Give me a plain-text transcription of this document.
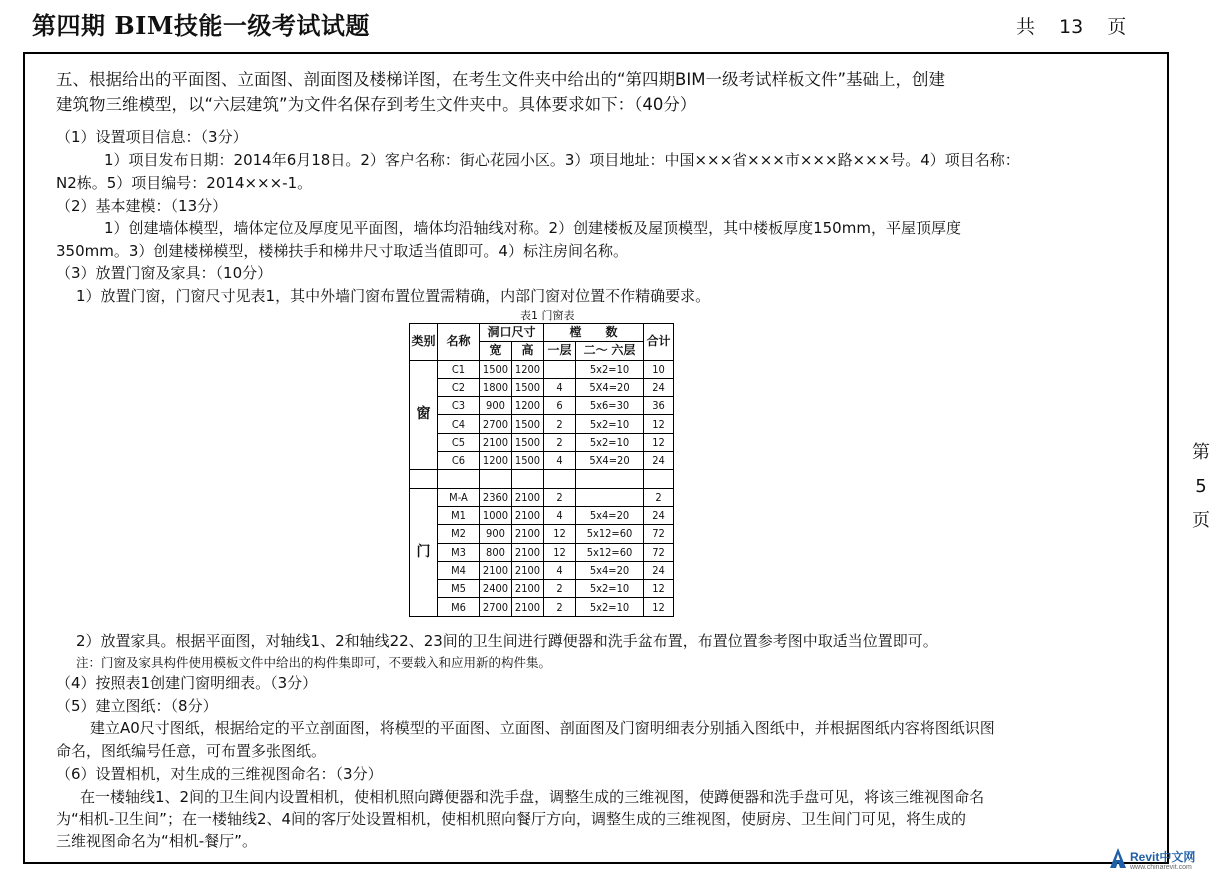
第四期 BIM技能一级考试试题	共 13 页
第
5
页
五、根据给出的平面图、立面图、剖面图及楼梯详图，在考生文件夹中给出的“第四期BIM一级考试样板文件”基础上，创建
建筑物三维模型，以“六层建筑”为文件名保存到考生文件夹中。具体要求如下：（40分）
（1）设置项目信息：（3分）
1）项目发布日期：2014年6月18日。2）客户名称：街心花园小区。3）项目地址：中国×××省×××市×××路×××号。4）项目名称：
N2栋。5）项目编号：2014×××-1。
（2）基本建模：（13分）
1）创建墙体模型，墙体定位及厚度见平面图，墙体均沿轴线对称。2）创建楼板及屋顶模型，其中楼板厚度150mm，平屋顶厚度
350mm。3）创建楼梯模型，楼梯扶手和梯井尺寸取适当值即可。4）标注房间名称。
（3）放置门窗及家具：（10分）
1）放置门窗，门窗尺寸见表1，其中外墙门窗布置位置需精确，内部门窗对位置不作精确要求。
表1 门窗表
类别	名称	洞口尺寸		樘　　数		合计
		宽	高	一层	二～ 六层	
窗	C1	1500	1200		5x2=10	10
	C2	1800	1500	4	5X4=20	24
	C3	900	1200	6	5x6=30	36
	C4	2700	1500	2	5x2=10	12
	C5	2100	1500	2	5x2=10	12
	C6	1200	1500	4	5X4=20	24

门	M-A	2360	2100	2		2
	M1	1000	2100	4	5x4=20	24
	M2	900	2100	12	5x12=60	72
	M3	800	2100	12	5x12=60	72
	M4	2100	2100	4	5x4=20	24
	M5	2400	2100	2	5x2=10	12
	M6	2700	2100	2	5x2=10	12
2）放置家具。根据平面图，对轴线1、2和轴线22、23间的卫生间进行蹲便器和洗手盆布置，布置位置参考图中取适当位置即可。
注：门窗及家具构件使用模板文件中给出的构件集即可，不要载入和应用新的构件集。
（4）按照表1创建门窗明细表。（3分）
（5）建立图纸：（8分）
建立A0尺寸图纸，根据给定的平立剖面图，将模型的平面图、立面图、剖面图及门窗明细表分别插入图纸中，并根据图纸内容将图纸识图
命名，图纸编号任意，可布置多张图纸。
（6）设置相机，对生成的三维视图命名：（3分）
在一楼轴线1、2间的卫生间内设置相机，使相机照向蹲便器和洗手盘，调整生成的三维视图，使蹲便器和洗手盘可见，将该三维视图命名
为“相机-卫生间”；在一楼轴线2、4间的客厅处设置相机，使相机照向餐厅方向，调整生成的三维视图，使厨房、卫生间门可见，将生成的
三维视图命名为“相机-餐厅”。
Revit中文网
www.chinarevit.com
